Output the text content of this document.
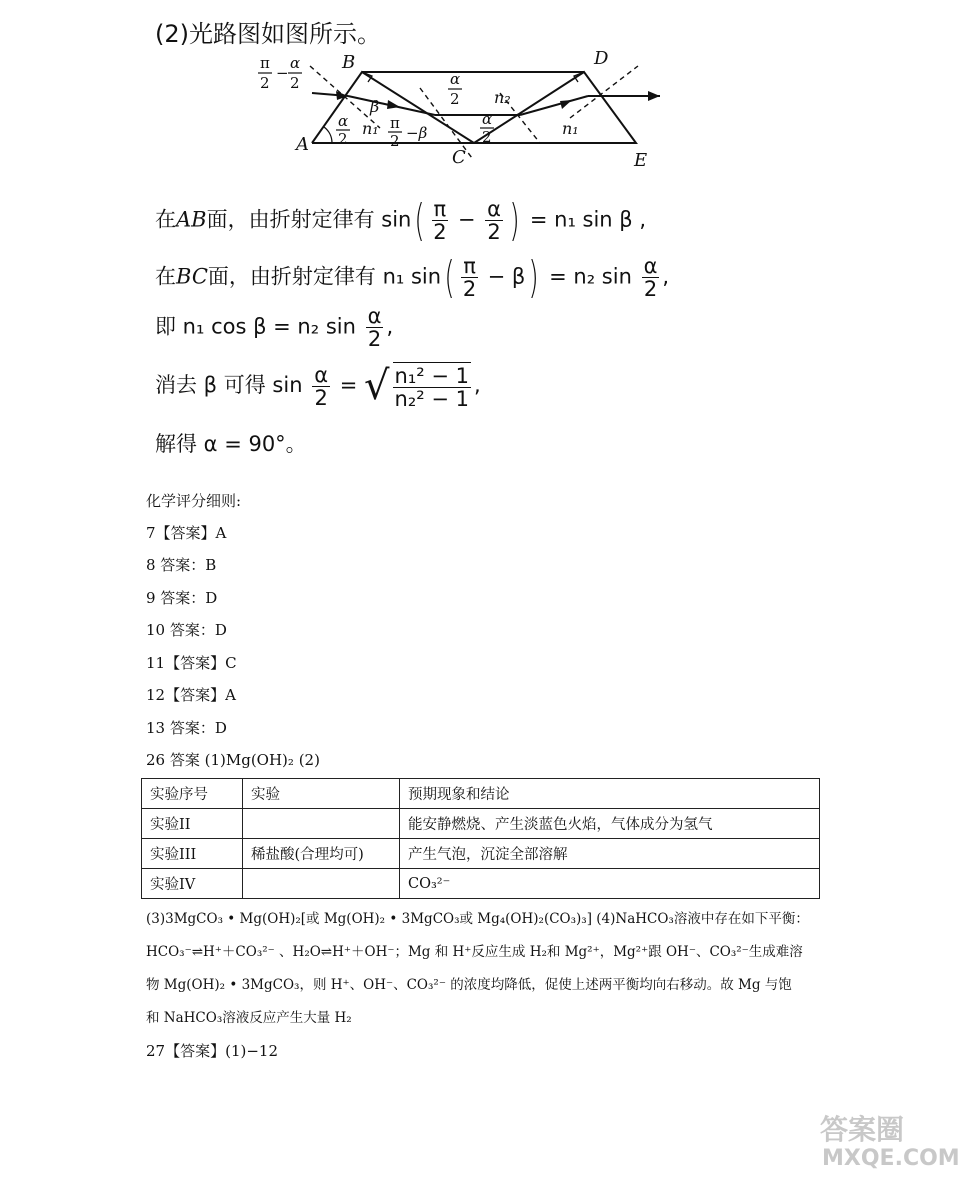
(2)光路图如图所示。
A
B
C
D
E
n₁
n₂
n₁
β
π
2
−
α
2
α
2
π
2 −β
α
2
α
2
在AB面，由折射定律有 $\sin( \frac{\pi}{2} - \frac{\alpha}{2}$ ) = n₁ sin β ,
在BC面，由折射定律有 n₁ $\sin( \frac{\pi}{2} - \beta) = n_2$ $\sin \frac{\alpha}{2}$ ,
即 n₁ cos β = n₂ $\sin \frac{\alpha}{2}$ ,
消去 β 可得 $\sin \frac{\alpha}{2}$ = √ $\frac{\text{n₁² − 1}}{\text{n₂² − 1}}$ ,
解得 α = 90°。
化学评分细则:
7【答案】A
8 答案：B
9 答案：D
10 答案：D
11【答案】C
12【答案】A
13 答案：D
26 答案 (1)Mg(OH)₂ (2)
实验序号	实验	预期现象和结论
实验II		能安静燃烧、产生淡蓝色火焰，气体成分为氢气
实验III	稀盐酸(合理均可)	产生气泡，沉淀全部溶解
实验IV		CO₃²⁻
(3)3MgCO₃ • Mg(OH)₂[或 Mg(OH)₂ • 3MgCO₃或 Mg₄(OH)₂(CO₃)₃] (4)NaHCO₃溶液中存在如下平衡：
HCO₃⁻⇌H⁺＋CO₃²⁻ 、H₂O⇌H⁺＋OH⁻；Mg 和 H⁺反应生成 H₂和 Mg²⁺，Mg²⁺跟 OH⁻、CO₃²⁻生成难溶
物 Mg(OH)₂ • 3MgCO₃，则 H⁺、OH⁻、CO₃²⁻ 的浓度均降低，促使上述两平衡均向右移动。故 Mg 与饱
和 NaHCO₃溶液反应产生大量 H₂
27【答案】(1)−12
答案圈
MXQE.COM
